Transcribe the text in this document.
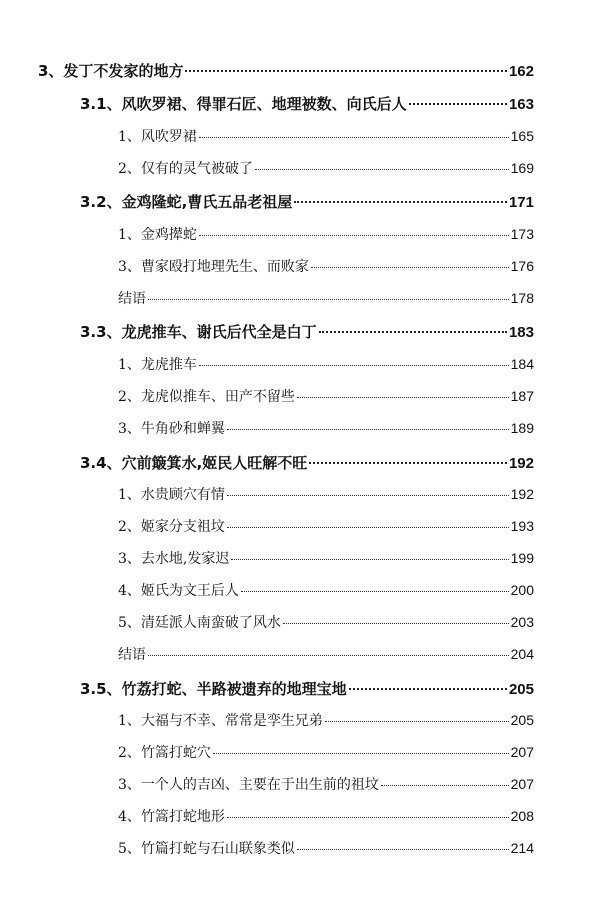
3、发丁不发家的地方	162
3.1、风吹罗裙、得罪石匠、地理被数、向氏后人	163
1、风吹罗裙	165
2、仅有的灵气被破了	169
3.2、金鸡隆蛇,曹氏五品老祖屋	171
1、金鸡撵蛇	173
3、曹家殴打地理先生、而败家	176
结语	178
3.3、龙虎推车、谢氏后代全是白丁	183
1、龙虎推车	184
2、龙虎似推车、田产不留些	187
3、牛角砂和蝉翼	189
3.4、穴前簸箕水,姬民人旺解不旺	192
1、水贵顾穴有情	192
2、姬家分支祖坟	193
3、去水地,发家迟	199
4、姬氏为文王后人	200
5、清廷派人南蛮破了风水	203
结语	204
3.5、竹荔打蛇、半路被遗弃的地理宝地	205
1、大福与不幸、常常是孪生兄弟	205
2、竹篙打蛇穴	207
3、一个人的吉凶、主要在于出生前的祖坟	207
4、竹篙打蛇地形	208
5、竹篇打蛇与石山联象类似	214
